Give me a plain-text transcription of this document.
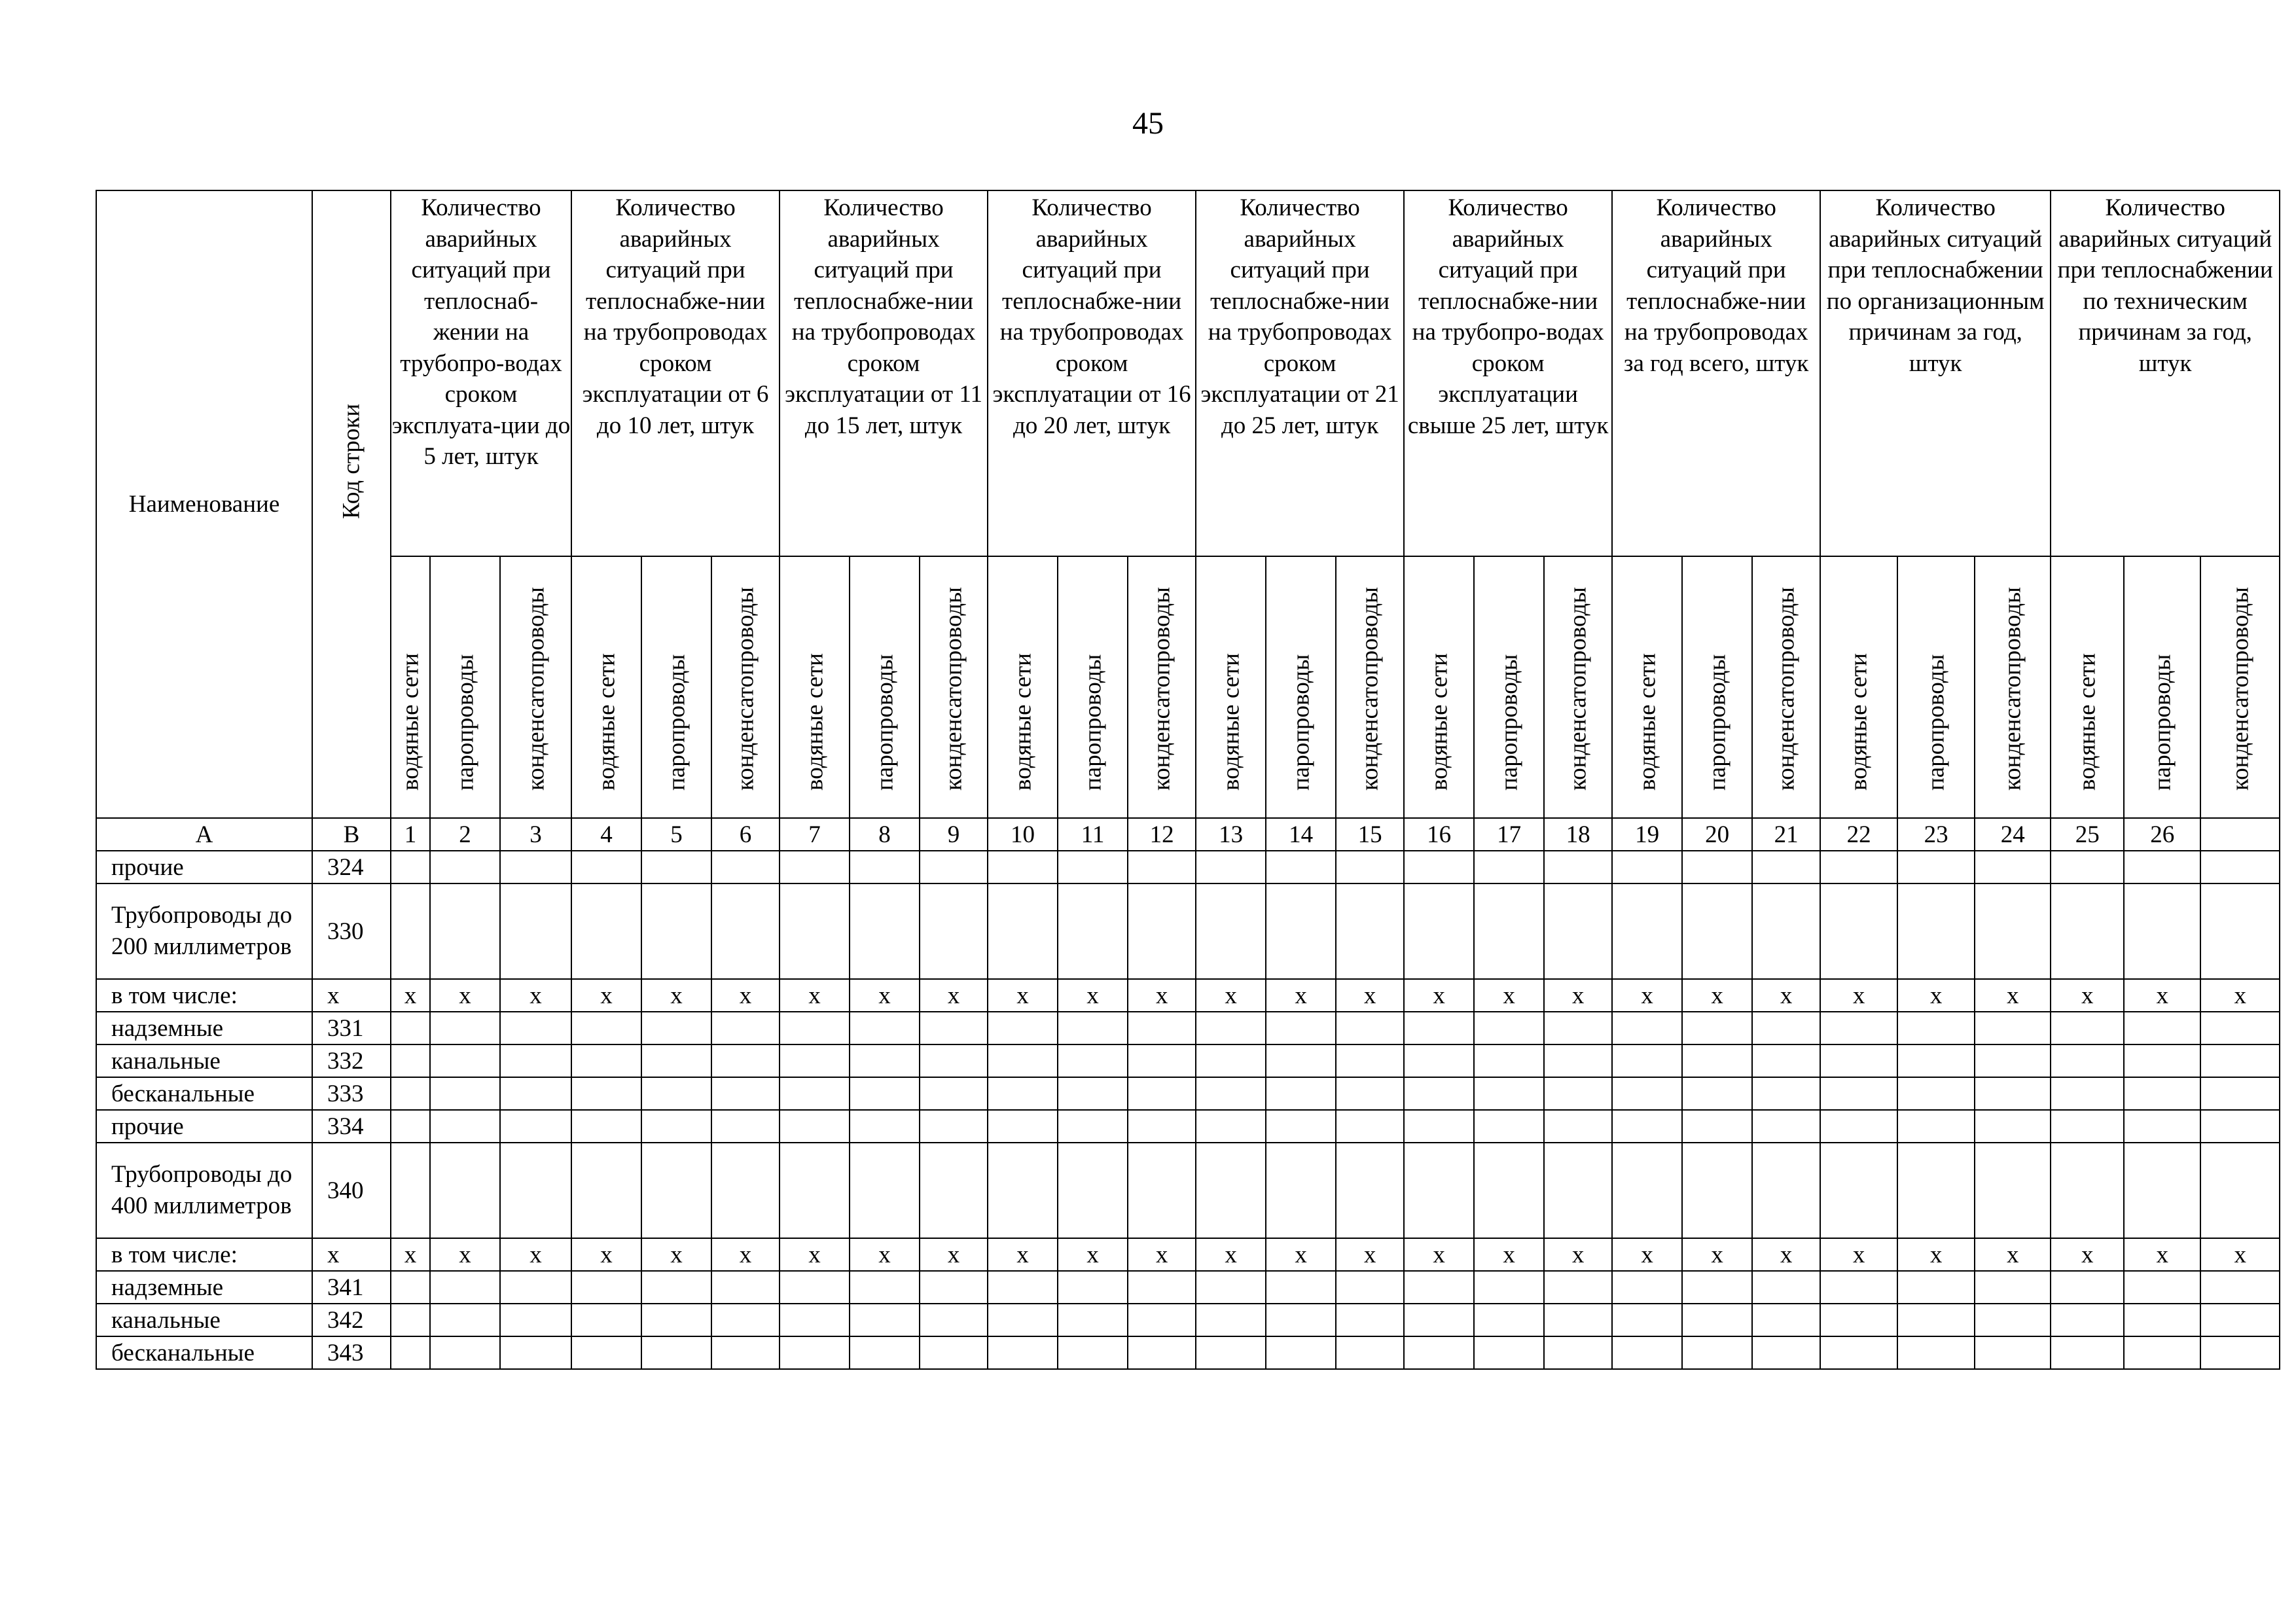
45
Наименование	Код строки	Количество аварийных ситуаций при теплоснаб-жении на трубопро-водах сроком эксплуата-ции до 5 лет, штук			Количество аварийных ситуаций при теплоснабже-нии на трубопроводах сроком эксплуатации от 6 до 10 лет, штук			Количество аварийных ситуаций при теплоснабже-нии на трубопроводах сроком эксплуатации от 11 до 15 лет, штук			Количество аварийных ситуаций при теплоснабже-нии на трубопроводах сроком эксплуатации от 16 до 20 лет, штук			Количество аварийных ситуаций при теплоснабже-нии на трубопроводах сроком эксплуатации от 21 до 25 лет, штук			Количество аварийных ситуаций при теплоснабже-нии на трубопро-водах сроком эксплуатации свыше 25 лет, штук			Количество аварийных ситуаций при теплоснабже-нии на трубопроводах за год всего, штук			Количество аварийных ситуаций при теплоснабжении по организационным причинам за год, штук			Количество аварийных ситуаций при теплоснабжении по техническим причинам за год, штук		

		водяные сети	паропроводы	конденсатопроводы	водяные сети	паропроводы	конденсатопроводы	водяные сети	паропроводы	конденсатопроводы	водяные сети	паропроводы	конденсатопроводы	водяные сети	паропроводы	конденсатопроводы	водяные сети	паропроводы	конденсатопроводы	водяные сети	паропроводы	конденсатопроводы	водяные сети	паропроводы	конденсатопроводы	водяные сети	паропроводы	конденсатопроводы

А	В	1	2	3	4	5	6	7	8	9	10	11	12	13	14	15	16	17	18	19	20	21	22	23	24	25	26	
прочие	324																											
Трубопроводы до 200 миллиметров	330																											
в том числе:	х	х	х	х	х	х	х	х	х	х	х	х	х	х	х	х	х	х	х	х	х	х	х	х	х	х	х	х
надземные	331																											
канальные	332																											
бесканальные	333																											
прочие	334																											
Трубопроводы до 400 миллиметров	340																											
в том числе:	х	х	х	х	х	х	х	х	х	х	х	х	х	х	х	х	х	х	х	х	х	х	х	х	х	х	х	х
надземные	341																											
канальные	342																											
бесканальные	343																											
